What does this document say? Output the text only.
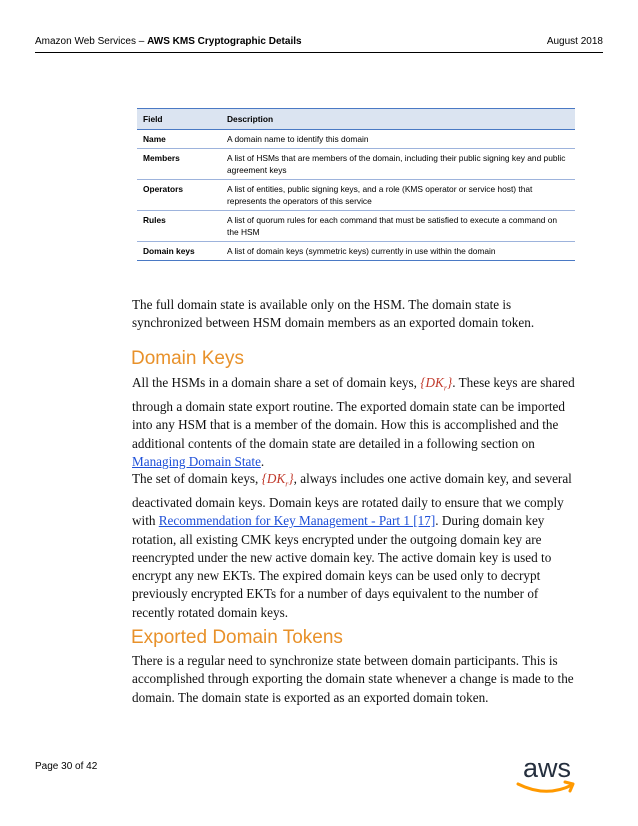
Amazon Web Services – AWS KMS Cryptographic Details	August 2018
Field	Description
Name	A domain name to identify this domain
Members	A list of HSMs that are members of the domain, including their public signing key and public agreement keys
Operators	A list of entities, public signing keys, and a role (KMS operator or service host) that represents the operators of this service
Rules	A list of quorum rules for each command that must be satisfied to execute a command on the HSM
Domain keys	A list of domain keys (symmetric keys) currently in use within the domain

The full domain state is available only on the HSM. The domain state is synchronized between HSM domain members as an exported domain token.

Domain Keys

All the HSMs in a domain share a set of domain keys, $\{DK_r\}$. These keys are shared through a domain state export routine. The exported domain state can be imported into any HSM that is a member of the domain. How this is accomplished and the additional contents of the domain state are detailed in a following section on Managing Domain State.

The set of domain keys, $\{DK_r\}$, always includes one active domain key, and several deactivated domain keys. Domain keys are rotated daily to ensure that we comply with Recommendation for Key Management - Part 1 [17]. During domain key rotation, all existing CMK keys encrypted under the outgoing domain key are reencrypted under the new active domain key. The active domain key is used to encrypt any new EKTs. The expired domain keys can be used only to decrypt previously encrypted EKTs for a number of days equivalent to the number of recently rotated domain keys.

Exported Domain Tokens

There is a regular need to synchronize state between domain participants. This is accomplished through exporting the domain state whenever a change is made to the domain. The domain state is exported as an exported domain token.

Page 30 of 42	aws
